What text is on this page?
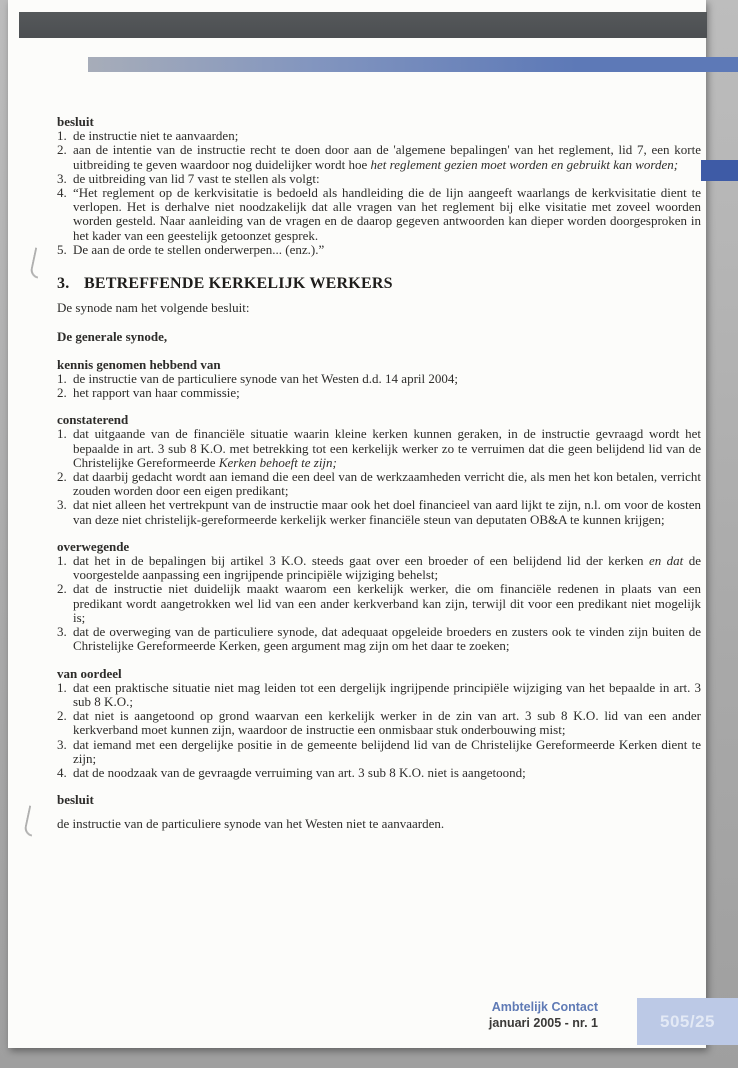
besluit

1. de instructie niet te aanvaarden;
2. aan de intentie van de instructie recht te doen door aan de 'algemene bepalingen' van het reglement, lid 7, een korte uitbreiding te geven waardoor nog duidelijker wordt hoe het reglement gezien moet worden en gebruikt kan worden;
3. de uitbreiding van lid 7 vast te stellen als volgt:
4. “Het reglement op de kerkvisitatie is bedoeld als handleiding die de lijn aangeeft waarlangs de kerkvisitatie dient te verlopen. Het is derhalve niet noodzakelijk dat alle vragen van het reglement bij elke visitatie met zoveel woorden worden gesteld. Naar aanleiding van de vragen en de daarop gegeven antwoorden kan dieper worden doorgesproken in het kader van een geestelijk getoonzet gesprek.
5. De aan de orde te stellen onderwerpen... (enz.).”
3. BETREFFENDE KERKELIJK WERKERS

De synode nam het volgende besluit:

De generale synode,

kennis genomen hebbend van

1. de instructie van de particuliere synode van het Westen d.d. 14 april 2004;
2. het rapport van haar commissie;

constaterend

1. dat uitgaande van de financiële situatie waarin kleine kerken kunnen geraken, in de instructie gevraagd wordt het bepaalde in art. 3 sub 8 K.O. met betrekking tot een kerkelijk werker zo te verruimen dat die geen belijdend lid van de Christelijke Gereformeerde Kerken behoeft te zijn;
2. dat daarbij gedacht wordt aan iemand die een deel van de werkzaamheden verricht die, als men het kon betalen, verricht zouden worden door een eigen predikant;
3. dat niet alleen het vertrekpunt van de instructie maar ook het doel financieel van aard lijkt te zijn, n.l. om voor de kosten van deze niet christelijk-gereformeerde kerkelijk werker financiële steun van deputaten OB&A te kunnen krijgen;

overwegende

1. dat het in de bepalingen bij artikel 3 K.O. steeds gaat over een broeder of een belijdend lid der kerken en dat de voorgestelde aanpassing een ingrijpende principiële wijziging behelst;
2. dat de instructie niet duidelijk maakt waarom een kerkelijk werker, die om financiële redenen in plaats van een predikant wordt aangetrokken wel lid van een ander kerkverband kan zijn, terwijl dit voor een predikant niet mogelijk is;
3. dat de overweging van de particuliere synode, dat adequaat opgeleide broeders en zusters ook te vinden zijn buiten de Christelijke Gereformeerde Kerken, geen argument mag zijn om het daar te zoeken;

van oordeel

1. dat een praktische situatie niet mag leiden tot een dergelijk ingrijpende principiële wijziging van het bepaalde in art. 3 sub 8 K.O.;
2. dat niet is aangetoond op grond waarvan een kerkelijk werker in de zin van art. 3 sub 8 K.O. lid van een ander kerkverband moet kunnen zijn, waardoor de instructie een onmisbaar stuk onderbouwing mist;
3. dat iemand met een dergelijke positie in de gemeente belijdend lid van de Christelijke Gereformeerde Kerken dient te zijn;
4. dat de noodzaak van de gevraagde verruiming van art. 3 sub 8 K.O. niet is aangetoond;

besluit

de instructie van de particuliere synode van het Westen niet te aanvaarden.

Ambtelijk Contact
januari 2005 - nr. 1	505/25
